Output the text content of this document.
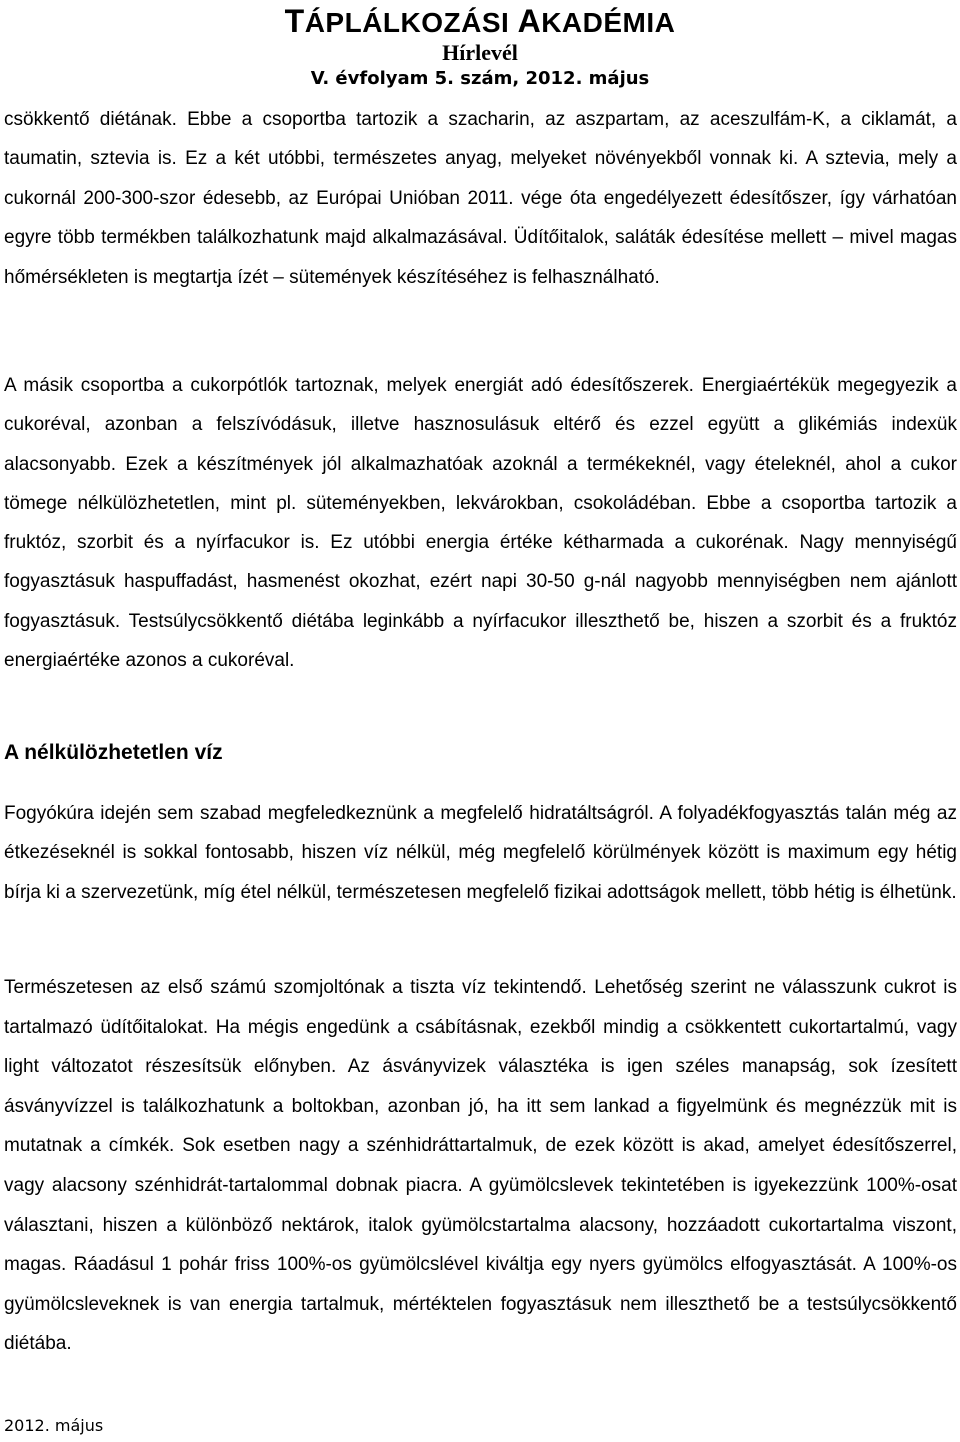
TÁPLÁLKOZÁSI AKADÉMIA
Hírlevél
V. évfolyam 5. szám, 2012. május

csökkentő diétának. Ebbe a csoportba tartozik a szacharin, az aszpartam, az aceszulfám-K, a ciklamát, a taumatin, sztevia is. Ez a két utóbbi, természetes anyag, melyeket növényekből vonnak ki. A sztevia, mely a cukornál 200-300-szor édesebb, az Európai Unióban 2011. vége óta engedélyezett édesítőszer, így várhatóan egyre több termékben találkozhatunk majd alkalmazásával. Üdítőitalok, saláták édesítése mellett – mivel magas hőmérsékleten is megtartja ízét – sütemények készítéséhez is felhasználható.

A másik csoportba a cukorpótlók tartoznak, melyek energiát adó édesítőszerek. Energiaértékük megegyezik a cukoréval, azonban a felszívódásuk, illetve hasznosulásuk eltérő és ezzel együtt a glikémiás indexük alacsonyabb. Ezek a készítmények jól alkalmazhatóak azoknál a termékeknél, vagy ételeknél, ahol a cukor tömege nélkülözhetetlen, mint pl. süteményekben, lekvárokban, csokoládéban. Ebbe a csoportba tartozik a fruktóz, szorbit és a nyírfacukor is. Ez utóbbi energia értéke kétharmada a cukorénak. Nagy mennyiségű fogyasztásuk haspuffadást, hasmenést okozhat, ezért napi 30-50 g-nál nagyobb mennyiségben nem ajánlott fogyasztásuk. Testsúlycsökkentő diétába leginkább a nyírfacukor illeszthető be, hiszen a szorbit és a fruktóz energiaértéke azonos a cukoréval.

A nélkülözhetetlen víz

Fogyókúra idején sem szabad megfeledkeznünk a megfelelő hidratáltságról. A folyadékfogyasztás talán még az étkezéseknél is sokkal fontosabb, hiszen víz nélkül, még megfelelő körülmények között is maximum egy hétig bírja ki a szervezetünk, míg étel nélkül, természetesen megfelelő fizikai adottságok mellett, több hétig is élhetünk.

Természetesen az első számú szomjoltónak a tiszta víz tekintendő. Lehetőség szerint ne válasszunk cukrot is tartalmazó üdítőitalokat. Ha mégis engedünk a csábításnak, ezekből mindig a csökkentett cukortartalmú, vagy light változatot részesítsük előnyben. Az ásványvizek választéka is igen széles manapság, sok ízesített ásványvízzel is találkozhatunk a boltokban, azonban jó, ha itt sem lankad a figyelmünk és megnézzük mit is mutatnak a címkék. Sok esetben nagy a szénhidráttartalmuk, de ezek között is akad, amelyet édesítőszerrel, vagy alacsony szénhidrát-tartalommal dobnak piacra. A gyümölcslevek tekintetében is igyekezzünk 100%-osat választani, hiszen a különböző nektárok, italok gyümölcstartalma alacsony, hozzáadott cukortartalma viszont, magas. Ráadásul 1 pohár friss 100%-os gyümölcslével kiváltja egy nyers gyümölcs elfogyasztását. A 100%-os gyümölcsleveknek is van energia tartalmuk, mértéktelen fogyasztásuk nem illeszthető be a testsúlycsökkentő diétába.

2012. május
